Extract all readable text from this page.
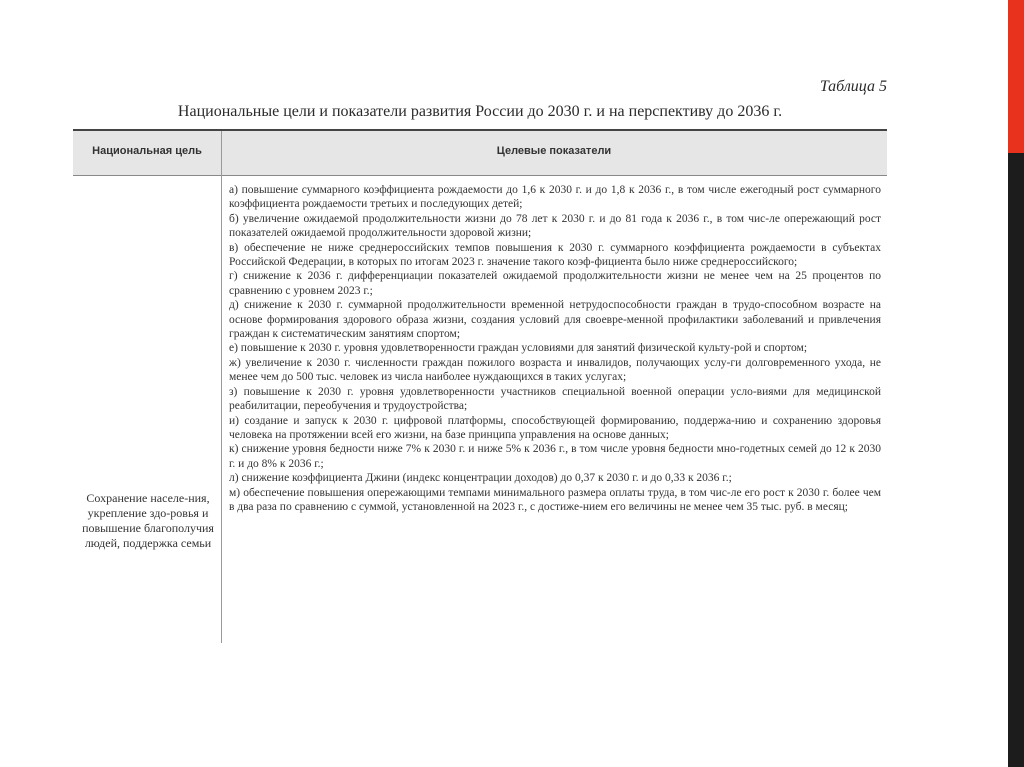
Таблица 5
Национальные цели и показатели развития России до 2030 г. и на перспективу до 2036 г.
Национальная цель	Целевые показатели
Сохранение населе-ния, укрепление здо-ровья и повышение благополучия людей, поддержка семьи
а) повышение суммарного коэффициента рождаемости до 1,6 к 2030 г. и до 1,8 к 2036 г., в том числе ежегодный рост суммарного коэффициента рождаемости третьих и последующих детей;
б) увеличение ожидаемой продолжительности жизни до 78 лет к 2030 г. и до 81 года к 2036 г., в том чис-ле опережающий рост показателей ожидаемой продолжительности здоровой жизни;
в) обеспечение не ниже среднероссийских темпов повышения к 2030 г. суммарного коэффициента рождаемости в субъектах Российской Федерации, в которых по итогам 2023 г. значение такого коэф-фициента было ниже среднероссийского;
г) снижение к 2036 г. дифференциации показателей ожидаемой продолжительности жизни не менее чем на 25 процентов по сравнению с уровнем 2023 г.;
д) снижение к 2030 г. суммарной продолжительности временной нетрудоспособности граждан в трудо-способном возрасте на основе формирования здорового образа жизни, создания условий для своевре-менной профилактики заболеваний и привлечения граждан к систематическим занятиям спортом;
е) повышение к 2030 г. уровня удовлетворенности граждан условиями для занятий физической культу-рой и спортом;
ж) увеличение к 2030 г. численности граждан пожилого возраста и инвалидов, получающих услу-ги долговременного ухода, не менее чем до 500 тыс. человек из числа наиболее нуждающихся в таких услугах;
з) повышение к 2030 г. уровня удовлетворенности участников специальной военной операции усло-виями для медицинской реабилитации, переобучения и трудоустройства;
и) создание и запуск к 2030 г. цифровой платформы, способствующей формированию, поддержа-нию и сохранению здоровья человека на протяжении всей его жизни, на базе принципа управления на основе данных;
к) снижение уровня бедности ниже 7% к 2030 г. и ниже 5% к 2036 г., в том числе уровня бедности мно-годетных семей до 12 к 2030 г. и до 8% к 2036 г.;
л) снижение коэффициента Джини (индекс концентрации доходов) до 0,37 к 2030 г. и до 0,33 к 2036 г.;
м) обеспечение повышения опережающими темпами минимального размера оплаты труда, в том чис-ле его рост к 2030 г. более чем в два раза по сравнению с суммой, установленной на 2023 г., с достиже-нием его величины не менее чем 35 тыс. руб. в месяц;
